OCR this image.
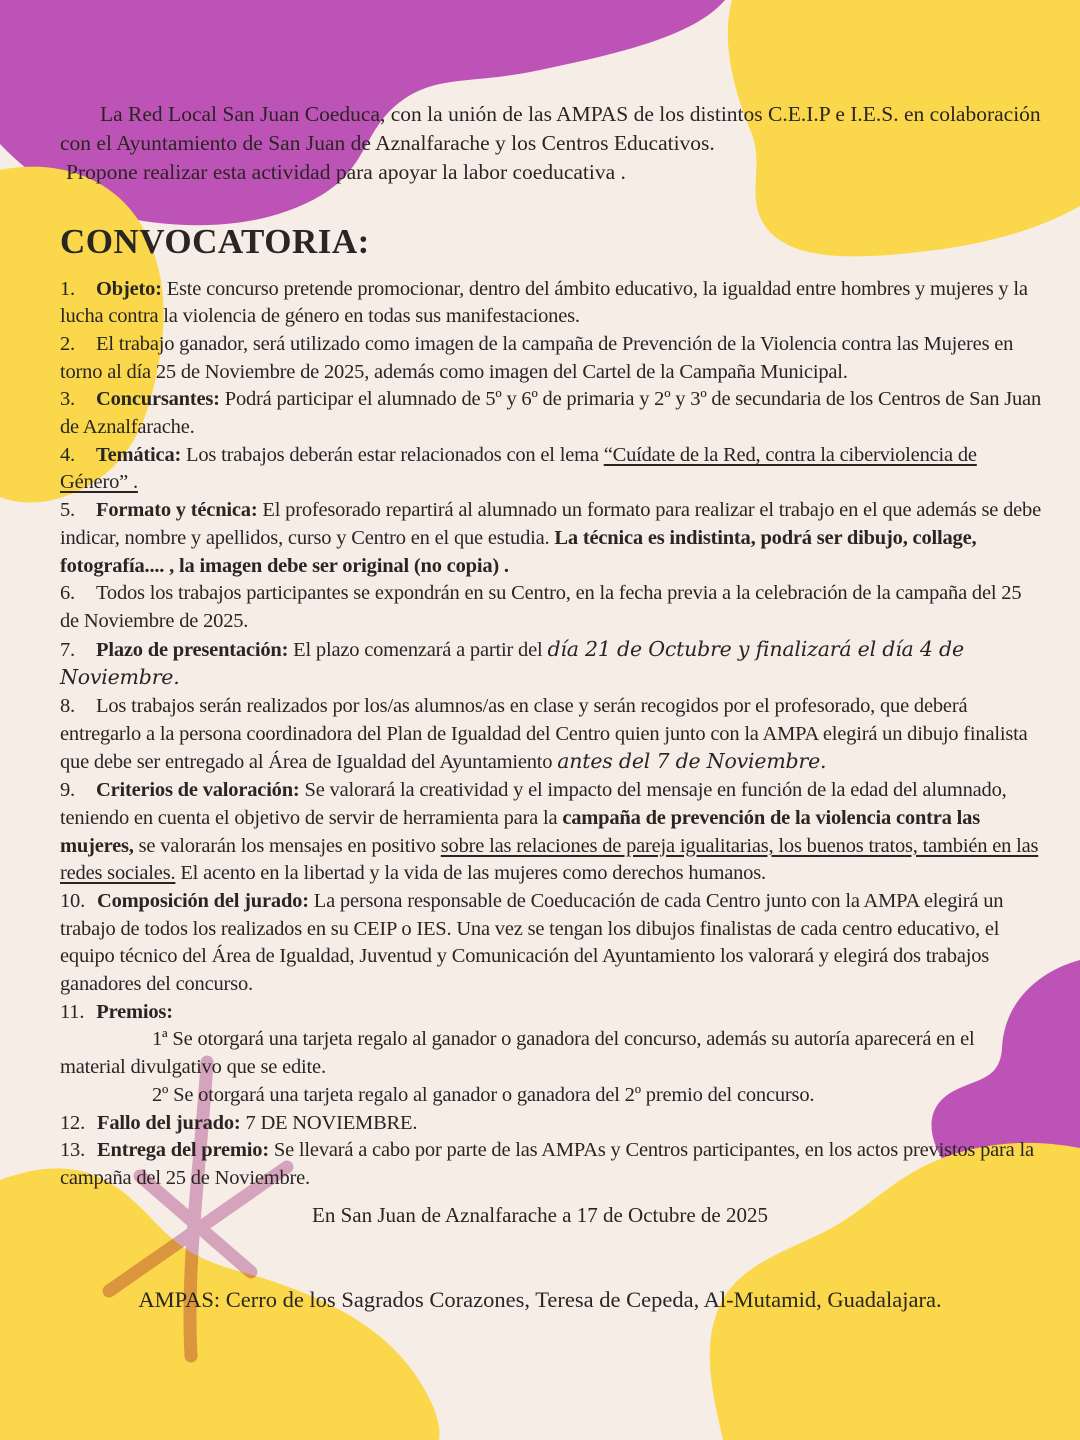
La Red Local San Juan Coeduca, con la unión de las AMPAS de los distintos C.E.I.P e I.E.S. en colaboración con el Ayuntamiento de San Juan de Aznalfarache y los Centros Educativos.

Propone realizar esta actividad para apoyar la labor coeducativa .

CONVOCATORIA:

1. Objeto: Este concurso pretende promocionar, dentro del ámbito educativo, la igualdad entre hombres y mujeres y la lucha contra la violencia de género en todas sus manifestaciones.

2. El trabajo ganador, será utilizado como imagen de la campaña de Prevención de la Violencia contra las Mujeres en torno al día 25 de Noviembre de 2025, además como imagen del Cartel de la Campaña Municipal.

3. Concursantes: Podrá participar el alumnado de 5º y 6º de primaria y 2º y 3º de secundaria de los Centros de San Juan de Aznalfarache.

4. Temática: Los trabajos deberán estar relacionados con el lema “Cuídate de la Red, contra la ciberviolencia de Género” .

5. Formato y técnica: El profesorado repartirá al alumnado un formato para realizar el trabajo en el que además se debe indicar, nombre y apellidos, curso y Centro en el que estudia. La técnica es indistinta, podrá ser dibujo, collage, fotografía.... , la imagen debe ser original (no copia) .

6. Todos los trabajos participantes se expondrán en su Centro, en la fecha previa a la celebración de la campaña del 25 de Noviembre de 2025.

7. Plazo de presentación: El plazo comenzará a partir del día 21 de Octubre y finalizará el día 4 de Noviembre.

8. Los trabajos serán realizados por los/as alumnos/as en clase y serán recogidos por el profesorado, que deberá entregarlo a la persona coordinadora del Plan de Igualdad del Centro quien junto con la AMPA elegirá un dibujo finalista que debe ser entregado al Área de Igualdad del Ayuntamiento antes del 7 de Noviembre.

9. Criterios de valoración: Se valorará la creatividad y el impacto del mensaje en función de la edad del alumnado, teniendo en cuenta el objetivo de servir de herramienta para la campaña de prevención de la violencia contra las mujeres, se valorarán los mensajes en positivo sobre las relaciones de pareja igualitarias, los buenos tratos, también en las redes sociales. El acento en la libertad y la vida de las mujeres como derechos humanos.

10. Composición del jurado: La persona responsable de Coeducación de cada Centro junto con la AMPA elegirá un trabajo de todos los realizados en su CEIP o IES. Una vez se tengan los dibujos finalistas de cada centro educativo, el equipo técnico del Área de Igualdad, Juventud y Comunicación del Ayuntamiento los valorará y elegirá dos trabajos ganadores del concurso.

11. Premios:

1ª Se otorgará una tarjeta regalo al ganador o ganadora del concurso, además su autoría aparecerá en el material divulgativo que se edite.

2º Se otorgará una tarjeta regalo al ganador o ganadora del 2º premio del concurso.

12. Fallo del jurado: 7 DE NOVIEMBRE.

13. Entrega del premio: Se llevará a cabo por parte de las AMPAs y Centros participantes, en los actos previstos para la campaña del 25 de Noviembre.

En San Juan de Aznalfarache a 17 de Octubre de 2025

AMPAS: Cerro de los Sagrados Corazones, Teresa de Cepeda, Al-Mutamid, Guadalajara.
